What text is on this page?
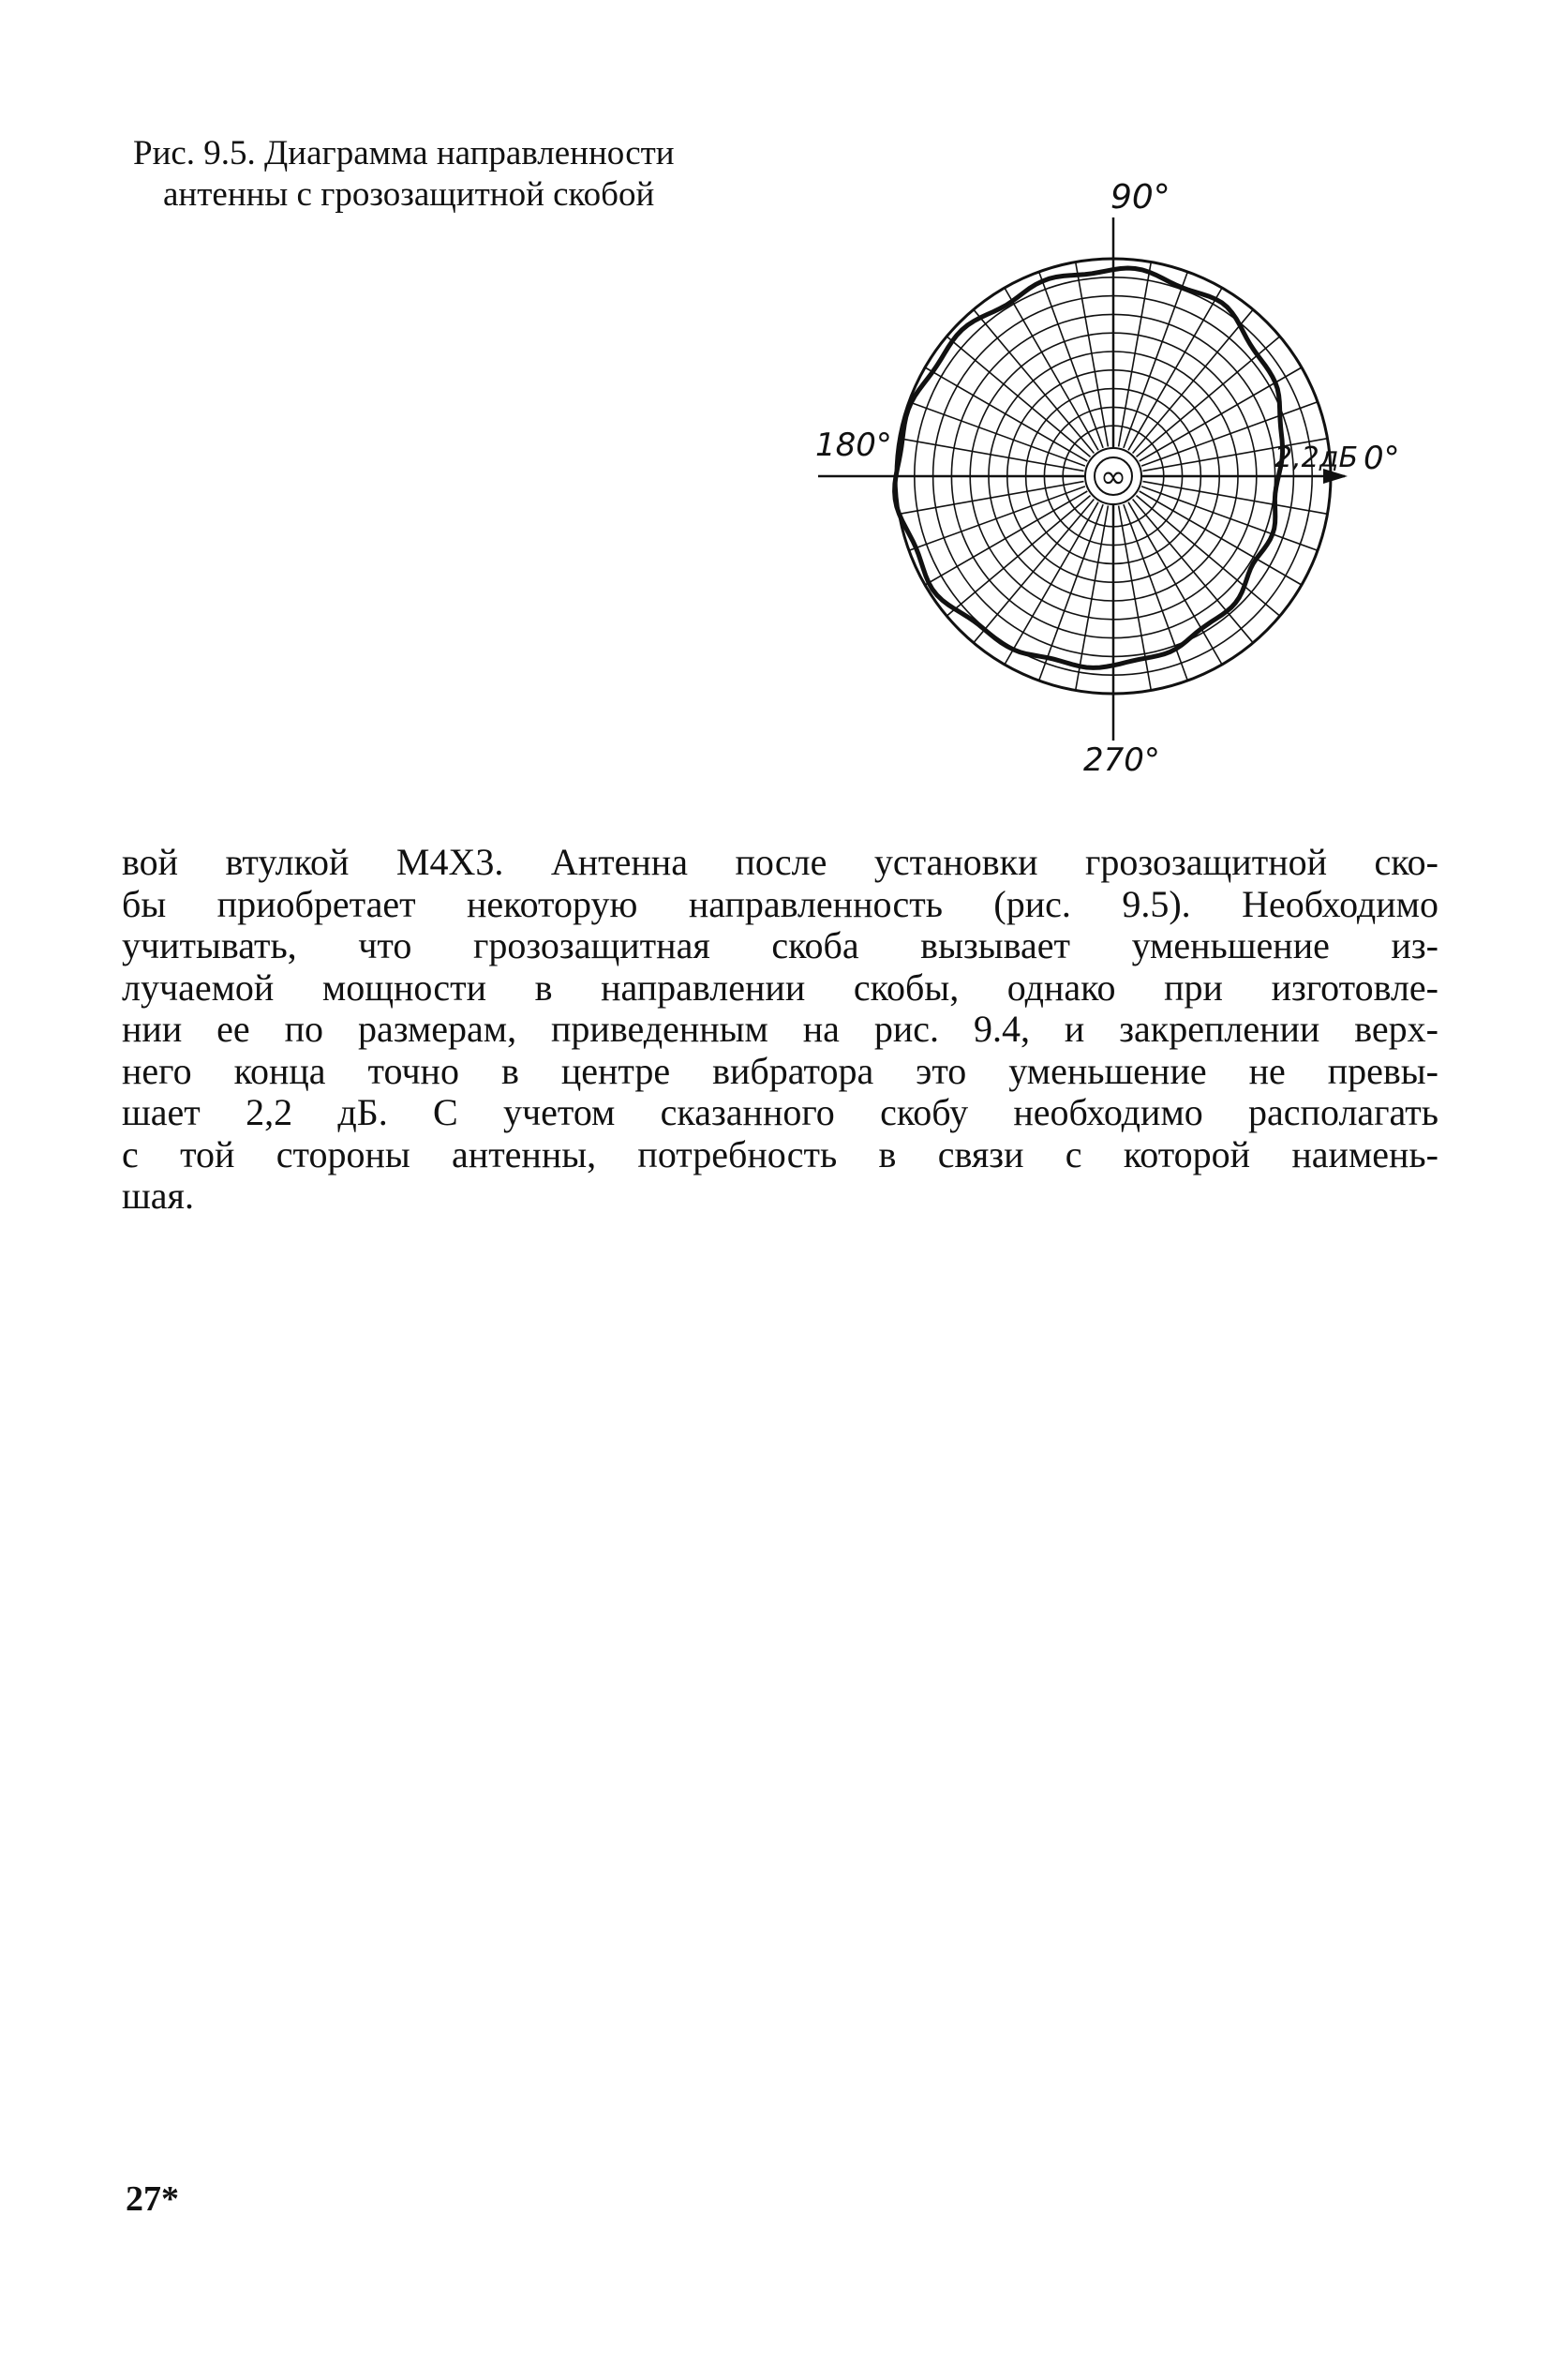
Рис. 9.5. Диаграмма направленности
антенны с грозозащитной скобой
∞
90°
180°	0°
270°
2,2дБ
вой втулкой М4Х3. Антенна после установки грозозащитной ско-
бы приобретает некоторую направленность (рис. 9.5). Необходимо
учитывать, что грозозащитная скоба вызывает уменьшение из-
лучаемой мощности в направлении скобы, однако при изготовле-
нии ее по размерам, приведенным на рис. 9.4, и закреплении верх-
него конца точно в центре вибратора это уменьшение не превы-
шает 2,2 дБ. С учетом сказанного скобу необходимо располагать
с той стороны антенны, потребность в связи с которой наимень-
шая.
27*
